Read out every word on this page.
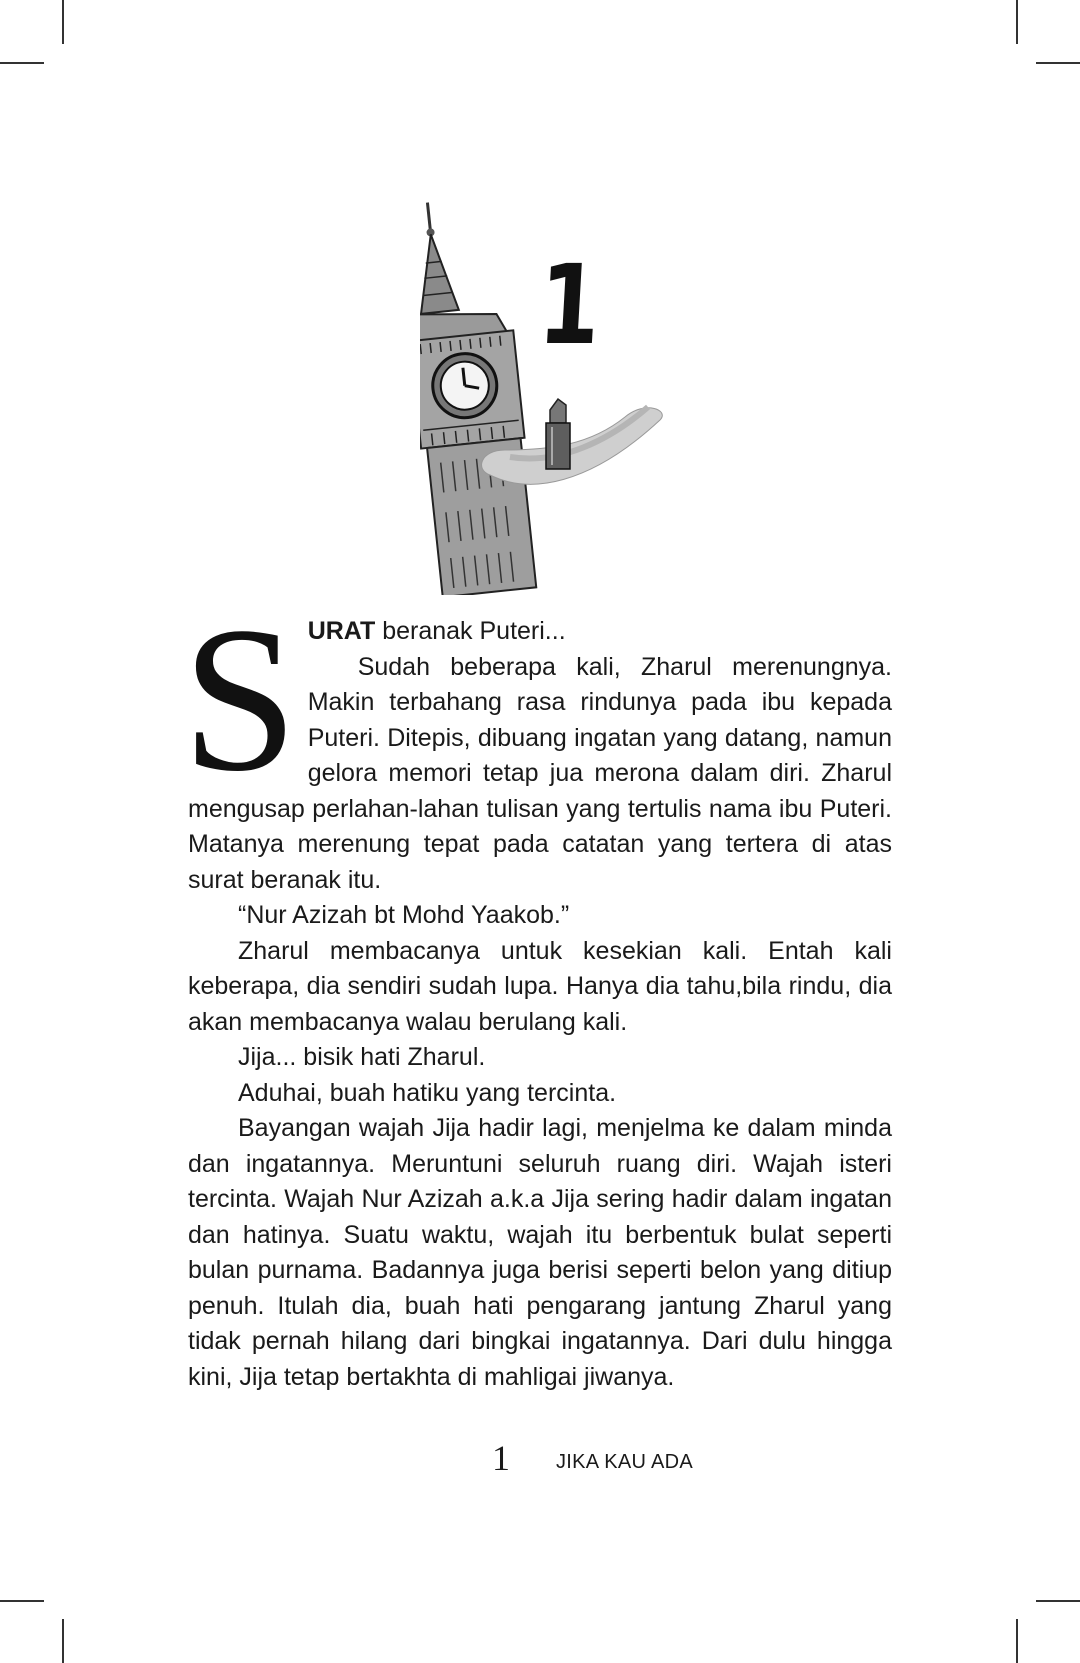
1
S URAT beranak Puteri...

Sudah beberapa kali, Zharul merenungnya. Makin terbahang rasa rindunya pada ibu kepada Puteri. Ditepis, dibuang ingatan yang datang, namun gelora memori tetap jua merona dalam diri. Zharul mengusap perlahan-lahan tulisan yang tertulis nama ibu Puteri. Matanya merenung tepat pada catatan yang tertera di atas surat beranak itu.

“Nur Azizah bt Mohd Yaakob.”

Zharul membacanya untuk kesekian kali. Entah kali keberapa, dia sendiri sudah lupa. Hanya dia tahu,bila rindu, dia akan membacanya walau berulang kali.

Jija... bisik hati Zharul.

Aduhai, buah hatiku yang tercinta.

Bayangan wajah Jija hadir lagi, menjelma ke dalam minda dan ingatannya. Meruntuni seluruh ruang diri. Wajah isteri tercinta. Wajah Nur Azizah a.k.a Jija sering hadir dalam ingatan dan hatinya. Suatu waktu, wajah itu berbentuk bulat seperti bulan purnama. Badannya juga berisi seperti belon yang ditiup penuh. Itulah dia, buah hati pengarang jantung Zharul yang tidak pernah hilang dari bingkai ingatannya. Dari dulu hingga kini, Jija tetap bertakhta di mahligai jiwanya.

1 JIKA KAU ADA
